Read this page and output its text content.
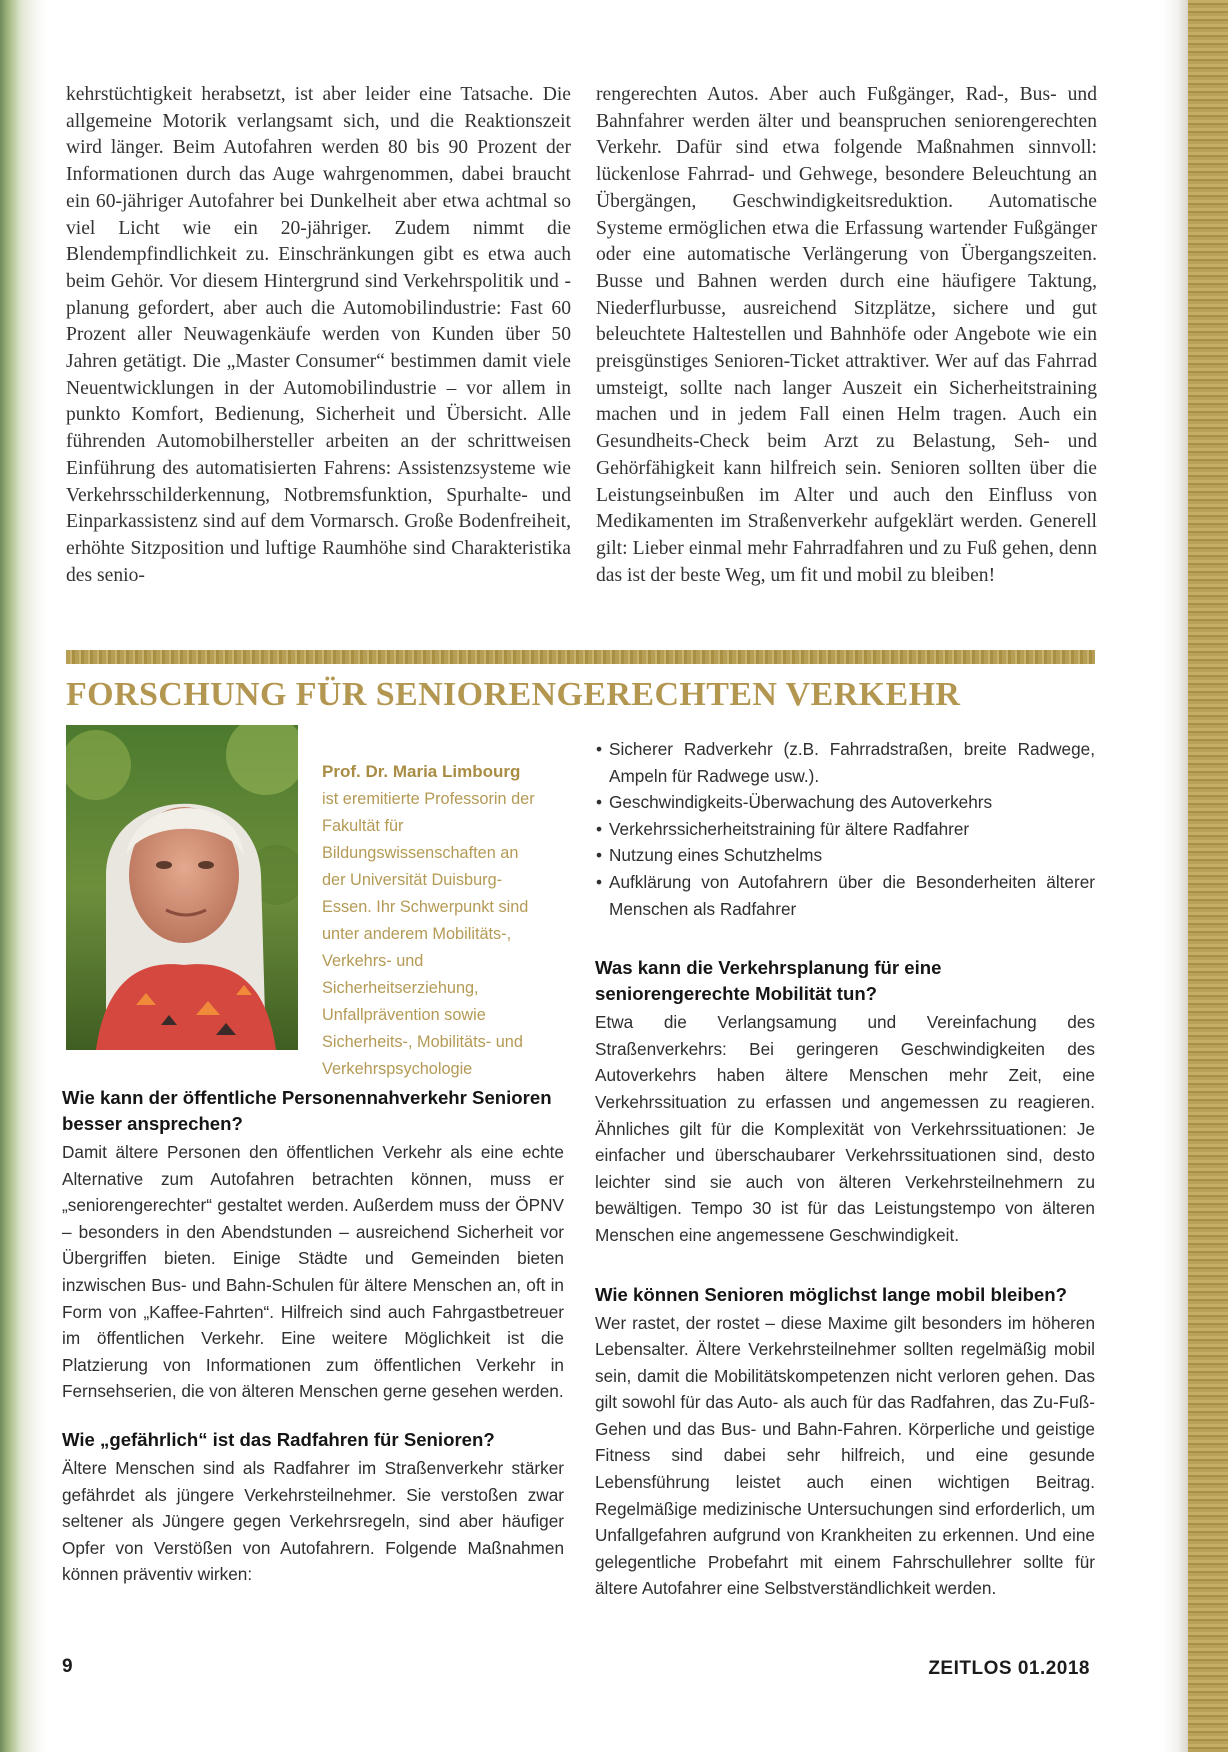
kehrstüchtigkeit herabsetzt, ist aber leider eine Tatsache. Die allgemeine Motorik verlangsamt sich, und die Reaktionszeit wird länger. Beim Autofahren werden 80 bis 90 Prozent der Informationen durch das Auge wahrgenommen, dabei braucht ein 60-jähriger Autofahrer bei Dunkelheit aber etwa achtmal so viel Licht wie ein 20-jähriger. Zudem nimmt die Blendempfindlichkeit zu. Einschränkungen gibt es etwa auch beim Gehör. Vor diesem Hintergrund sind Verkehrspolitik und -planung gefordert, aber auch die Automobilindustrie: Fast 60 Prozent aller Neuwagenkäufe werden von Kunden über 50 Jahren getätigt. Die „Master Consumer“ bestimmen damit viele Neuentwicklungen in der Automobilindustrie – vor allem in punkto Komfort, Bedienung, Sicherheit und Übersicht. Alle führenden Automobilhersteller arbeiten an der schrittweisen Einführung des automatisierten Fahrens: Assistenzsysteme wie Verkehrsschilderkennung, Notbremsfunktion, Spurhalte- und Einparkassistenz sind auf dem Vormarsch. Große Bodenfreiheit, erhöhte Sitzposition und luftige Raumhöhe sind Charakteristika des senio-

rengerechten Autos. Aber auch Fußgänger, Rad-, Bus- und Bahnfahrer werden älter und beanspruchen seniorengerechten Verkehr. Dafür sind etwa folgende Maßnahmen sinnvoll: lückenlose Fahrrad- und Gehwege, besondere Beleuchtung an Übergängen, Geschwindigkeitsreduktion. Automatische Systeme ermöglichen etwa die Erfassung wartender Fußgänger oder eine automatische Verlängerung von Übergangszeiten. Busse und Bahnen werden durch eine häufigere Taktung, Niederflurbusse, ausreichend Sitzplätze, sichere und gut beleuchtete Haltestellen und Bahnhöfe oder Angebote wie ein preisgünstiges Senioren-Ticket attraktiver. Wer auf das Fahrrad umsteigt, sollte nach langer Auszeit ein Sicherheitstraining machen und in jedem Fall einen Helm tragen. Auch ein Gesundheits-Check beim Arzt zu Belastung, Seh- und Gehörfähigkeit kann hilfreich sein. Senioren sollten über die Leistungseinbußen im Alter und auch den Einfluss von Medikamenten im Straßenverkehr aufgeklärt werden. Generell gilt: Lieber einmal mehr Fahrradfahren und zu Fuß gehen, denn das ist der beste Weg, um fit und mobil zu bleiben!

FORSCHUNG FÜR SENIORENGERECHTEN VERKEHR

Prof. Dr. Maria Limbourg ist eremitierte Professorin der Fakultät für Bildungswissenschaften an der Universität Duisburg-Essen. Ihr Schwerpunkt sind unter anderem Mobilitäts-, Verkehrs- und Sicherheitserziehung, Unfallprävention sowie Sicherheits-, Mobilitäts- und Verkehrspsychologie

Wie kann der öffentliche Personennahverkehr Senioren besser ansprechen?

Damit ältere Personen den öffentlichen Verkehr als eine echte Alternative zum Autofahren betrachten können, muss er „seniorengerechter“ gestaltet werden. Außerdem muss der ÖPNV – besonders in den Abendstunden – ausreichend Sicherheit vor Übergriffen bieten. Einige Städte und Gemeinden bieten inzwischen Bus- und Bahn-Schulen für ältere Menschen an, oft in Form von „Kaffee-Fahrten“. Hilfreich sind auch Fahrgastbetreuer im öffentlichen Verkehr. Eine weitere Möglichkeit ist die Platzierung von Informationen zum öffentlichen Verkehr in Fernsehserien, die von älteren Menschen gerne gesehen werden.

Wie „gefährlich“ ist das Radfahren für Senioren?

Ältere Menschen sind als Radfahrer im Straßenverkehr stärker gefährdet als jüngere Verkehrsteilnehmer. Sie verstoßen zwar seltener als Jüngere gegen Verkehrsregeln, sind aber häufiger Opfer von Verstößen von Autofahrern. Folgende Maßnahmen können präventiv wirken:

• Sicherer Radverkehr (z.B. Fahrradstraßen, breite Radwege, Ampeln für Radwege usw.).
• Geschwindigkeits-Überwachung des Autoverkehrs
• Verkehrssicherheitstraining für ältere Radfahrer
• Nutzung eines Schutzhelms
• Aufklärung von Autofahrern über die Besonderheiten älterer Menschen als Radfahrer
Was kann die Verkehrsplanung für eine seniorengerechte Mobilität tun?

Etwa die Verlangsamung und Vereinfachung des Straßenverkehrs: Bei geringeren Geschwindigkeiten des Autoverkehrs haben ältere Menschen mehr Zeit, eine Verkehrssituation zu erfassen und angemessen zu reagieren. Ähnliches gilt für die Komplexität von Verkehrssituationen: Je einfacher und überschaubarer Verkehrssituationen sind, desto leichter sind sie auch von älteren Verkehrsteilnehmern zu bewältigen. Tempo 30 ist für das Leistungstempo von älteren Menschen eine angemessene Geschwindigkeit.

Wie können Senioren möglichst lange mobil bleiben?

Wer rastet, der rostet – diese Maxime gilt besonders im höheren Lebensalter. Ältere Verkehrsteilnehmer sollten regelmäßig mobil sein, damit die Mobilitätskompetenzen nicht verloren gehen. Das gilt sowohl für das Auto- als auch für das Radfahren, das Zu-Fuß-Gehen und das Bus- und Bahn-Fahren. Körperliche und geistige Fitness sind dabei sehr hilfreich, und eine gesunde Lebensführung leistet auch einen wichtigen Beitrag. Regelmäßige medizinische Untersuchungen sind erforderlich, um Unfallgefahren aufgrund von Krankheiten zu erkennen. Und eine gelegentliche Probefahrt mit einem Fahrschullehrer sollte für ältere Autofahrer eine Selbstverständlichkeit werden.

9	ZEITLOS 01.2018
